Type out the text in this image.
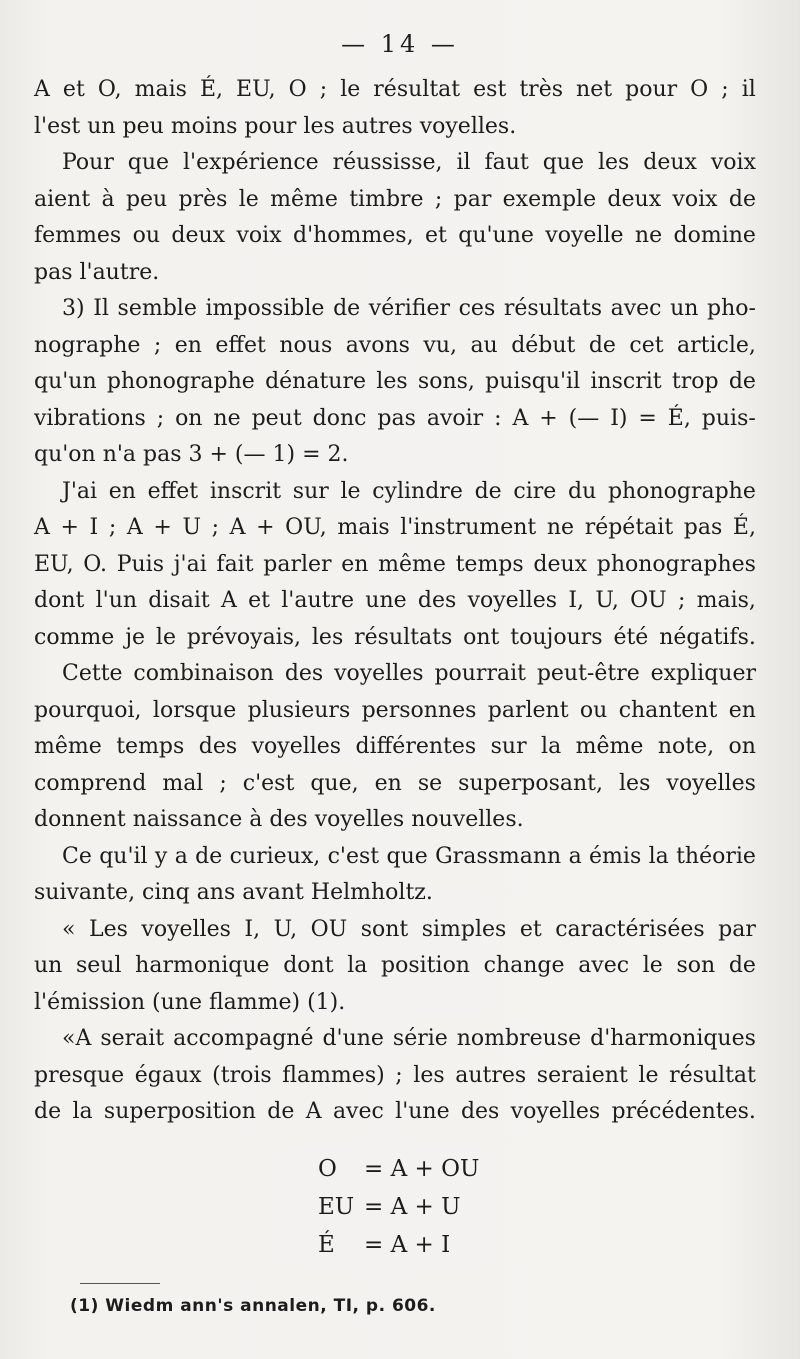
— 14 —
A et O, mais É, EU, O ; le résultat est très net pour O ; il
l'est un peu moins pour les autres voyelles.
Pour que l'expérience réussisse, il faut que les deux voix
aient à peu près le même timbre ; par exemple deux voix de
femmes ou deux voix d'hommes, et qu'une voyelle ne domine
pas l'autre.
3) Il semble impossible de vérifier ces résultats avec un pho-
nographe ; en effet nous avons vu, au début de cet article,
qu'un phonographe dénature les sons, puisqu'il inscrit trop de
vibrations ; on ne peut donc pas avoir : A + (— I) = É, puis-
qu'on n'a pas 3 + (— 1) = 2.
J'ai en effet inscrit sur le cylindre de cire du phonographe
A + I ; A + U ; A + OU, mais l'instrument ne répétait pas É,
EU, O. Puis j'ai fait parler en même temps deux phonographes
dont l'un disait A et l'autre une des voyelles I, U, OU ; mais,
comme je le prévoyais, les résultats ont toujours été négatifs.
Cette combinaison des voyelles pourrait peut-être expliquer
pourquoi, lorsque plusieurs personnes parlent ou chantent en
même temps des voyelles différentes sur la même note, on
comprend mal ; c'est que, en se superposant, les voyelles
donnent naissance à des voyelles nouvelles.
Ce qu'il y a de curieux, c'est que Grassmann a émis la théorie
suivante, cinq ans avant Helmholtz.
« Les voyelles I, U, OU sont simples et caractérisées par
un seul harmonique dont la position change avec le son de
l'émission (une flamme) (1).
«A serait accompagné d'une série nombreuse d'harmoniques
presque égaux (trois flammes) ; les autres seraient le résultat
de la superposition de A avec l'une des voyelles précédentes.
O	= A + OU
EU = A + U
É	= A + I
(1) Wiedm ann's annalen, TI, p. 606.
